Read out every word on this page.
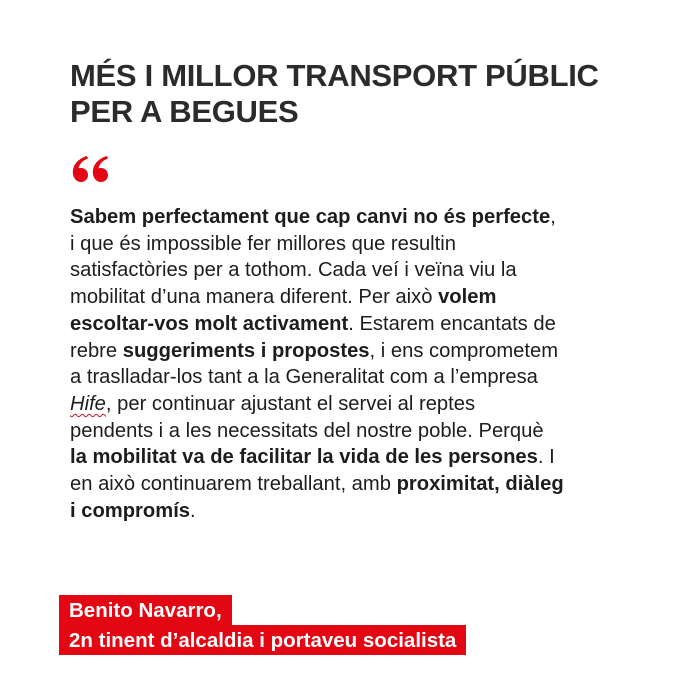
MÉS I MILLOR TRANSPORT PÚBLIC
PER A BEGUES

Sabem perfectament que cap canvi no és perfecte,
i que és impossible fer millores que resultin
satisfactòries per a tothom. Cada veí i veïna viu la
mobilitat d’una manera diferent. Per això volem
escoltar-vos molt activament. Estarem encantats de
rebre suggeriments i propostes, i ens comprometem
a traslladar-los tant a la Generalitat com a l’empresa
Hife, per continuar ajustant el servei al reptes
pendents i a les necessitats del nostre poble. Perquè
la mobilitat va de facilitar la vida de les persones. I
en això continuarem treballant, amb proximitat, diàleg
i compromís.

Benito Navarro,
2n tinent d’alcaldia i portaveu socialista
